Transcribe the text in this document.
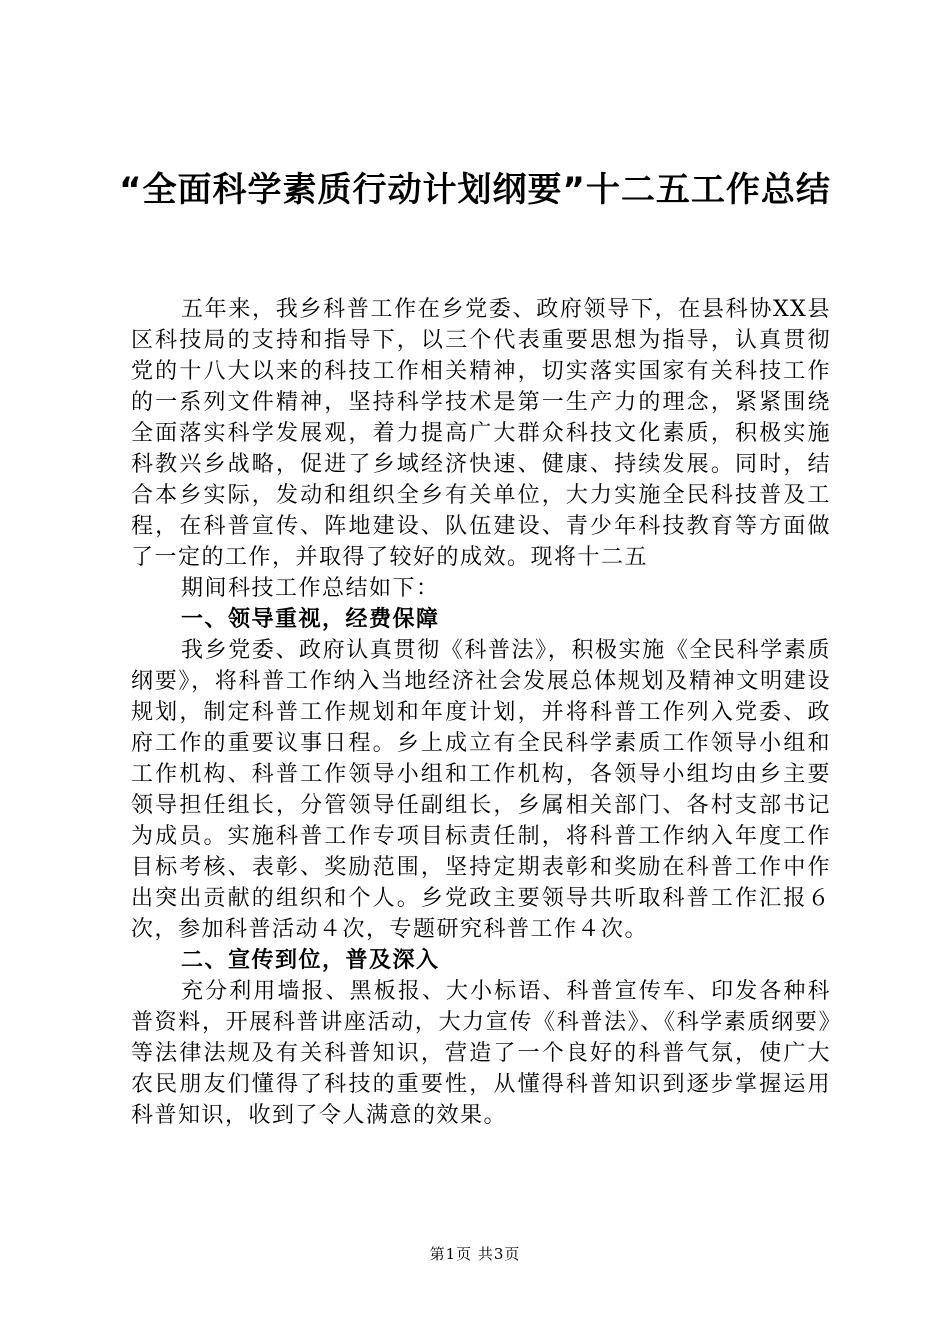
“全面科学素质行动计划纲要”十二五工作总结

五年来，我乡科普工作在乡党委、政府领导下，在县科协XX县区科技局的支持和指导下，以三个代表重要思想为指导，认真贯彻党的十八大以来的科技工作相关精神，切实落实国家有关科技工作的一系列文件精神，坚持科学技术是第一生产力的理念，紧紧围绕全面落实科学发展观，着力提高广大群众科技文化素质，积极实施科教兴乡战略，促进了乡域经济快速、健康、持续发展。同时，结合本乡实际，发动和组织全乡有关单位，大力实施全民科技普及工程，在科普宣传、阵地建设、队伍建设、青少年科技教育等方面做了一定的工作，并取得了较好的成效。现将十二五

期间科技工作总结如下：

一、领导重视，经费保障

我乡党委、政府认真贯彻《科普法》，积极实施《全民科学素质纲要》，将科普工作纳入当地经济社会发展总体规划及精神文明建设规划，制定科普工作规划和年度计划，并将科普工作列入党委、政府工作的重要议事日程。乡上成立有全民科学素质工作领导小组和工作机构、科普工作领导小组和工作机构，各领导小组均由乡主要领导担任组长，分管领导任副组长，乡属相关部门、各村支部书记为成员。实施科普工作专项目标责任制，将科普工作纳入年度工作目标考核、表彰、奖励范围，坚持定期表彰和奖励在科普工作中作出突出贡献的组织和个人。乡党政主要领导共听取科普工作汇报６次，参加科普活动４次，专题研究科普工作４次。

二、宣传到位，普及深入

充分利用墙报、黑板报、大小标语、科普宣传车、印发各种科普资料，开展科普讲座活动，大力宣传《科普法》、《科学素质纲要》等法律法规及有关科普知识，营造了一个良好的科普气氛，使广大农民朋友们懂得了科技的重要性，从懂得科普知识到逐步掌握运用科普知识，收到了令人满意的效果。

第1页 共3页
